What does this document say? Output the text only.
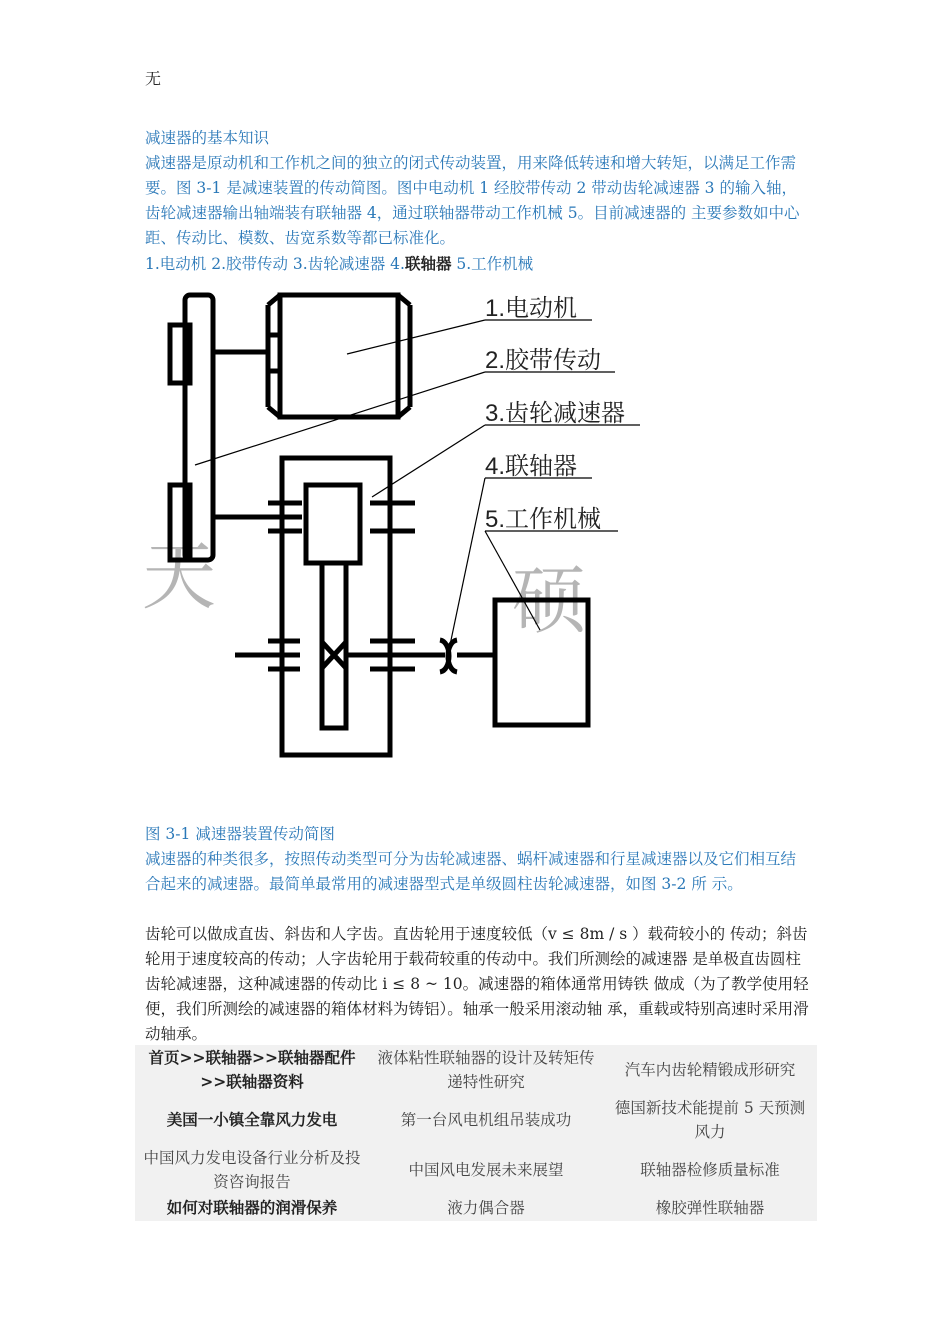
无

减速器的基本知识

减速器是原动机和工作机之间的独立的闭式传动装置，用来降低转速和增大转矩，以满足工作需要。图 3-1 是减速装置的传动简图。图中电动机 1 经胶带传动 2 带动齿轮减速器 3 的输入轴，齿轮减速器输出轴端装有联轴器 4，通过联轴器带动工作机械 5。目前减速器的 主要参数如中心距、传动比、模数、齿宽系数等都已标准化。

1.电动机 2.胶带传动 3.齿轮减速器 4.联轴器 5.工作机械

天	硕
1.电动机
2.胶带传动
3.齿轮减速器
4.联轴器
5.工作机械

图 3-1 减速器装置传动简图

减速器的种类很多，按照传动类型可分为齿轮减速器、蜗杆减速器和行星减速器以及它们相互结合起来的减速器。最简单最常用的减速器型式是单级圆柱齿轮减速器，如图 3-2 所 示。

齿轮可以做成直齿、斜齿和人字齿。直齿轮用于速度较低（v ≤ 8m / s ）载荷较小的 传动；斜齿轮用于速度较高的传动；人字齿轮用于载荷较重的传动中。我们所测绘的减速器 是单极直齿圆柱齿轮减速器，这种减速器的传动比 i ≤ 8 ~ 10。减速器的箱体通常用铸铁 做成（为了教学使用轻便，我们所测绘的减速器的箱体材料为铸铝）。轴承一般采用滚动轴 承，重载或特别高速时采用滑动轴承。

首页>>联轴器>>联轴器配件>>联轴器资料	液体粘性联轴器的设计及转矩传递特性研究	汽车内齿轮精锻成形研究
美国一小镇全靠风力发电	第一台风电机组吊装成功	德国新技术能提前 5 天预测风力
中国风力发电设备行业分析及投资咨询报告	中国风电发展未来展望	联轴器检修质量标准
如何对联轴器的润滑保养	液力偶合器	橡胶弹性联轴器
